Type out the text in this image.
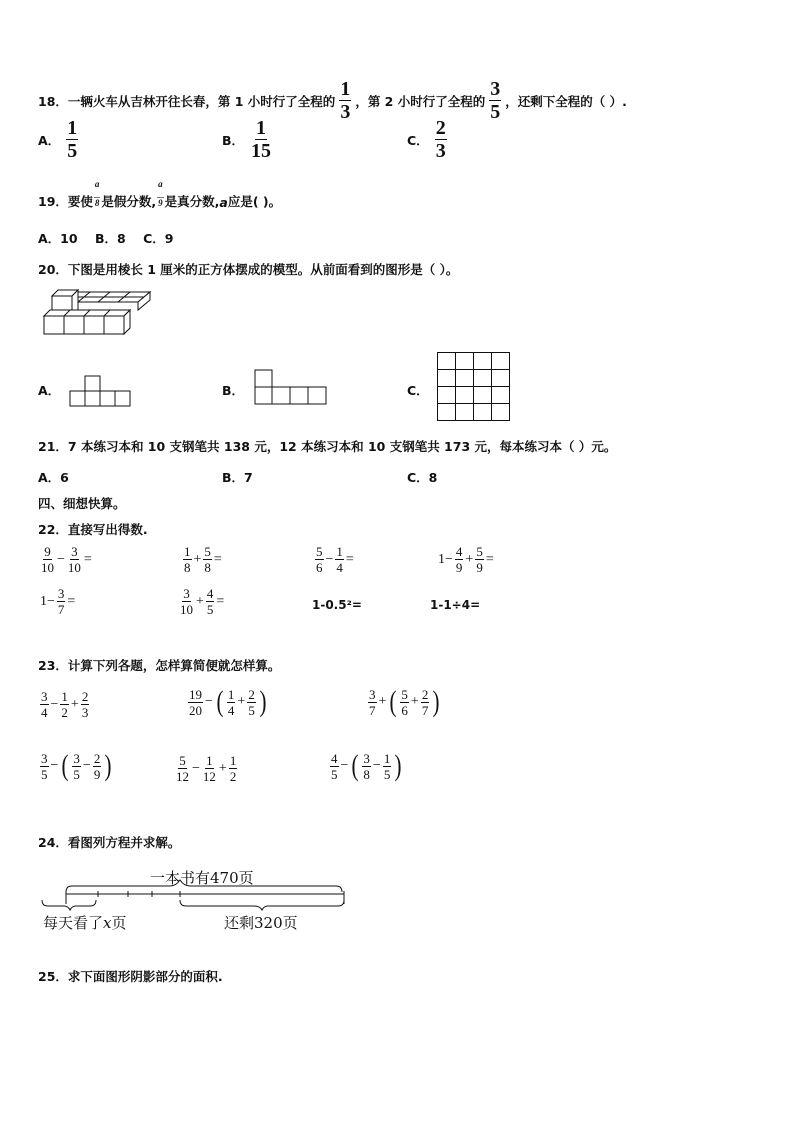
18． 一辆火车从吉林开往长春，第 1 小时行了全程的 $\frac{1}{3}$ ，第 2 小时行了全程的 $\frac{3}{5}$ ，还剩下全程的（ ）.
A． $\frac{1}{5}$	B． $\frac{1}{15}$	C． $\frac{2}{3}$
19． 要使 $\frac{a}{8}$ 是假分数, $\frac{a}{9}$ 是真分数, a 应是( )。
A．10    B．8    C．9
20．下图是用棱长 1 厘米的正方体摆成的模型。从前面看到的图形是（ ）。
A．	B．	C．
21．7 本练习本和 10 支钢笔共 138 元，12 本练习本和 10 支钢笔共 173 元，每本练习本（ ）元。
A．6	B．7	C．8
四、细想快算。
22．直接写出得数.
$\frac{9}{10} - \frac{3}{10}$ =	$\frac{1}{8} + \frac{5}{8}$ =	$\frac{5}{6} - \frac{1}{4}$ =	$1- \frac{4}{9} + \frac{5}{9}$ =
$1- \frac{3}{7}$ =	$\frac{3}{10} + \frac{4}{5}$ =	1-0.5²=	1-1÷4=
23．计算下列各题，怎样算简便就怎样算。
$\frac{3}{4} - \frac{1}{2} + \frac{2}{3}$	$\frac{19}{20}$ − ( $\frac{1}{4} + \frac{2}{5}$ )	$\frac{3}{7}$ + ( $\frac{5}{6} + \frac{2}{7}$ )
$\frac{3}{5}$ − ( $\frac{3}{5} - \frac{2}{9}$ )	$\frac{5}{12} - \frac{1}{12} + \frac{1}{2}$	$\frac{4}{5}$ − ( $\frac{3}{8} - \frac{1}{5}$ )
24．看图列方程并求解。
一本书有470页
每天看了x页	还剩320页
25．求下面图形阴影部分的面积.
